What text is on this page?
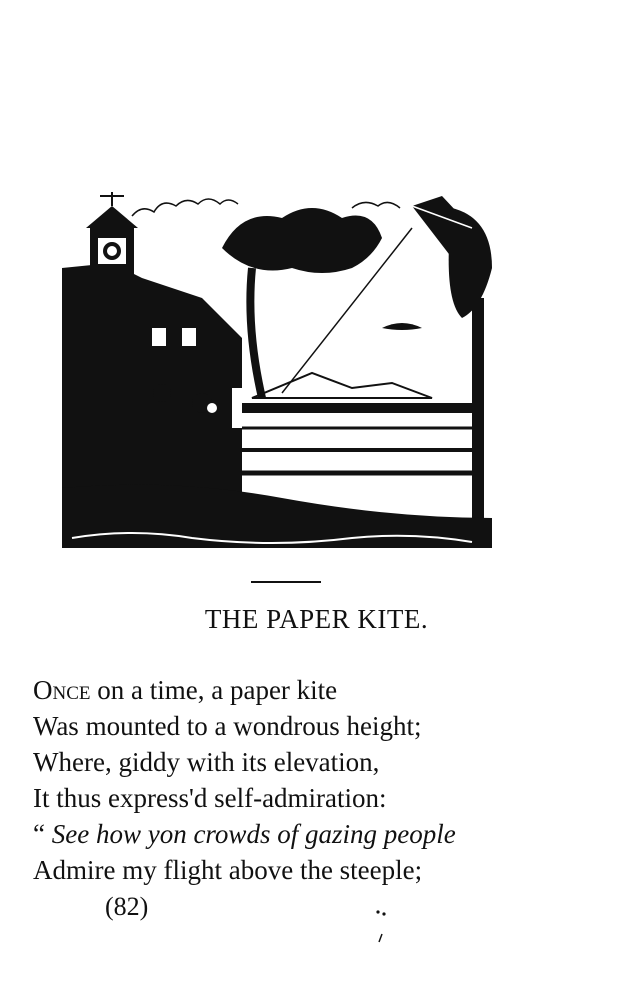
THE PAPER KITE.
Once on a time, a paper kite
Was mounted to a wondrous height;
Where, giddy with its elevation,
It thus express'd self-admiration:
“ See how yon crowds of gazing people
Admire my flight above the steeple;
(82)
